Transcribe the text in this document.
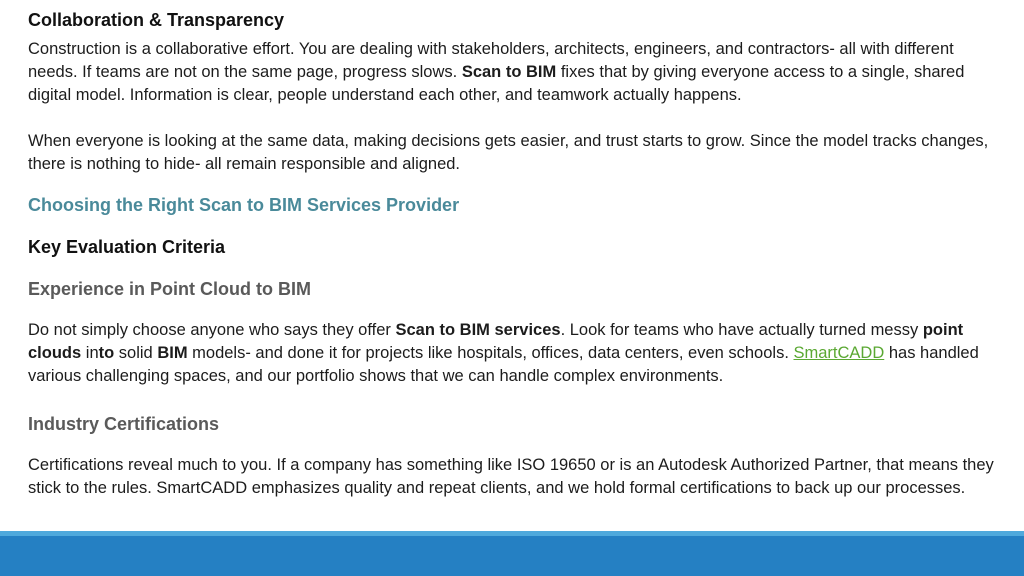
Collaboration & Transparency

Construction is a collaborative effort. You are dealing with stakeholders, architects, engineers, and contractors- all with different needs. If teams are not on the same page, progress slows. Scan to BIM fixes that by giving everyone access to a single, shared digital model. Information is clear, people understand each other, and teamwork actually happens.

When everyone is looking at the same data, making decisions gets easier, and trust starts to grow. Since the model tracks changes, there is nothing to hide- all remain responsible and aligned.

Choosing the Right Scan to BIM Services Provider
Key Evaluation Criteria
Experience in Point Cloud to BIM

Do not simply choose anyone who says they offer Scan to BIM services. Look for teams who have actually turned messy point clouds into solid BIM models- and done it for projects like hospitals, offices, data centers, even schools. SmartCADD has handled various challenging spaces, and our portfolio shows that we can handle complex environments.

Industry Certifications

Certifications reveal much to you. If a company has something like ISO 19650 or is an Autodesk Authorized Partner, that means they stick to the rules. SmartCADD emphasizes quality and repeat clients, and we hold formal certifications to back up our processes.
